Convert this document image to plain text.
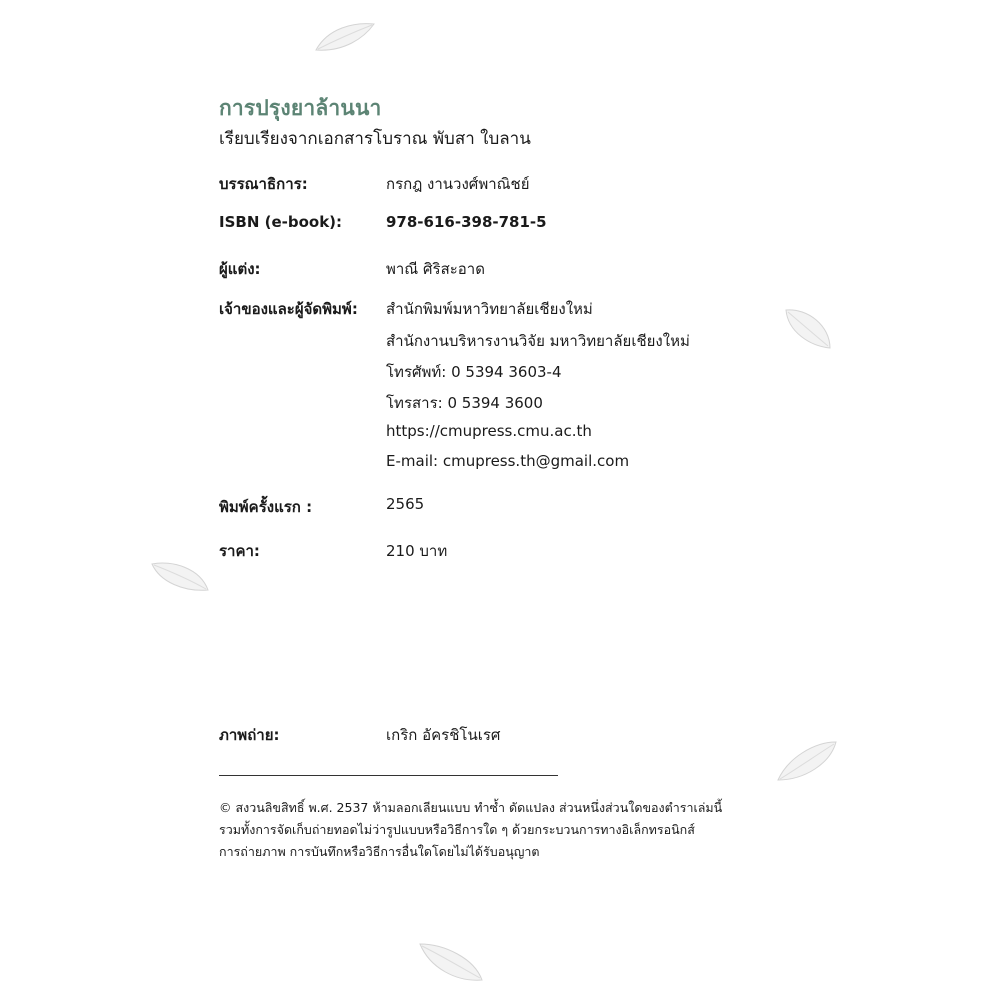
การปรุงยาล้านนา
เรียบเรียงจากเอกสารโบราณ พับสา ใบลาน
บรรณาธิการ:	กรกฎ งานวงศ์พาณิชย์
ISBN (e-book):	978-616-398-781-5
ผู้แต่ง:	พาณี ศิริสะอาด
เจ้าของและผู้จัดพิมพ์: สำนักพิมพ์มหาวิทยาลัยเชียงใหม่
สำนักงานบริหารงานวิจัย มหาวิทยาลัยเชียงใหม่
โทรศัพท์: 0 5394 3603-4
โทรสาร: 0 5394 3600
https://cmupress.cmu.ac.th
E-mail: cmupress.th@gmail.com
พิมพ์ครั้งแรก :	2565
ราคา:	210 บาท
ภาพถ่าย:	เกริก อัครชิโนเรศ
© สงวนลิขสิทธิ์ พ.ศ. 2537 ห้ามลอกเลียนแบบ ทำซ้ำ ดัดแปลง ส่วนหนึ่งส่วนใดของตำราเล่มนี้
รวมทั้งการจัดเก็บถ่ายทอดไม่ว่ารูปแบบหรือวิธีการใด ๆ ด้วยกระบวนการทางอิเล็กทรอนิกส์
การถ่ายภาพ การบันทึกหรือวิธีการอื่นใดโดยไม่ได้รับอนุญาต
